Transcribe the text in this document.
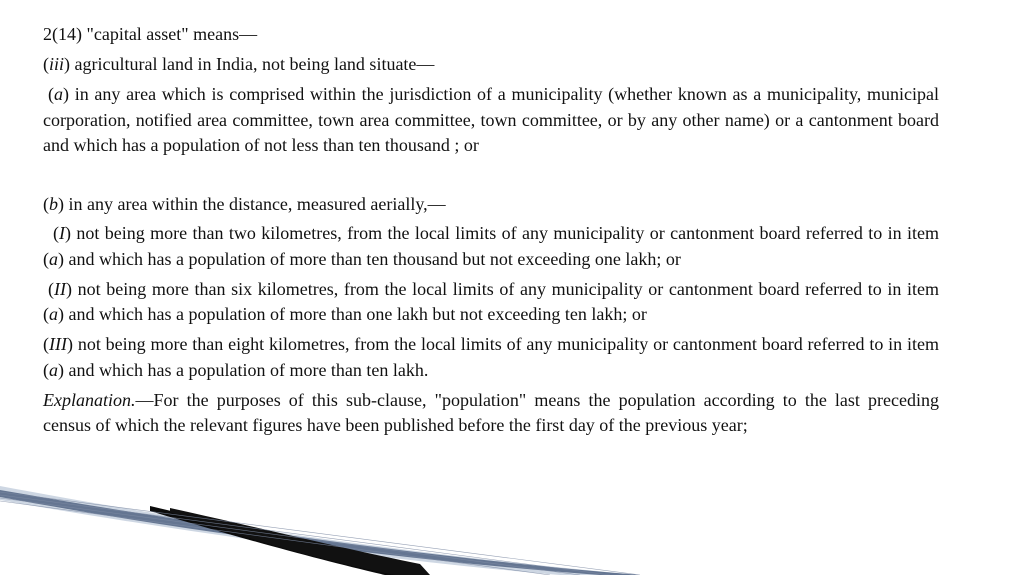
2(14) "capital asset" means—

(iii) agricultural land in India, not being land situate—

(a) in any area which is comprised within the jurisdiction of a municipality (whether known as a municipality, municipal corporation, notified area committee, town area committee, town committee, or by any other name) or a cantonment board and which has a population of not less than ten thousand ; or

(b) in any area within the distance, measured aerially,—

(I) not being more than two kilometres, from the local limits of any municipality or cantonment board referred to in item (a) and which has a population of more than ten thousand but not exceeding one lakh; or

(II) not being more than six kilometres, from the local limits of any municipality or cantonment board referred to in item (a) and which has a population of more than one lakh but not exceeding ten lakh; or

(III) not being more than eight kilometres, from the local limits of any municipality or cantonment board referred to in item (a) and which has a population of more than ten lakh.

Explanation.—For the purposes of this sub-clause, "population" means the population according to the last preceding census of which the relevant figures have been published before the first day of the previous year;
